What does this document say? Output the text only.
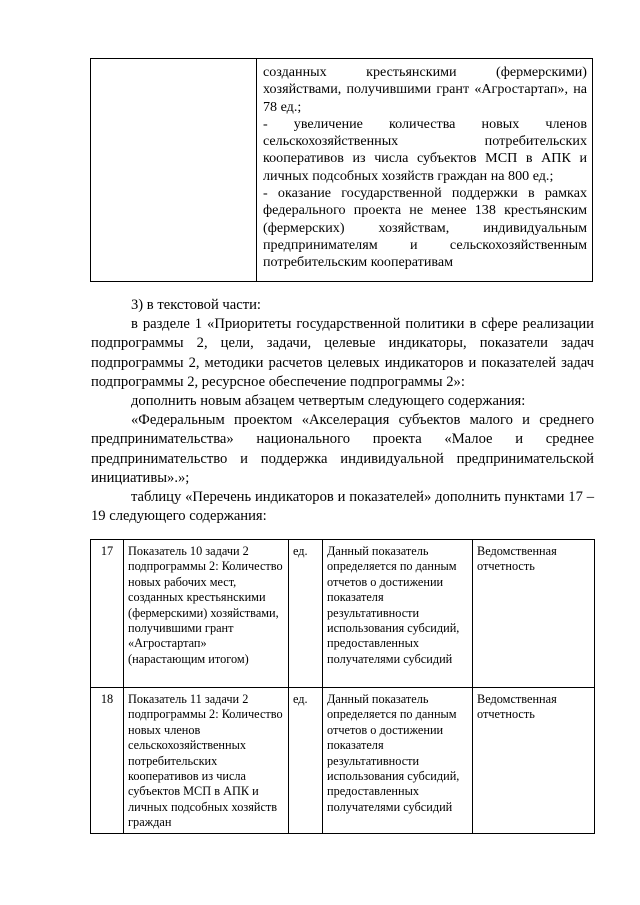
созданных крестьянскими (фермерскими) хозяйствами, получившими грант «Агростартап», на 78 ед.;

- увеличение количества новых членов сельскохозяйственных потребительских кооперативов из числа субъектов МСП в АПК и личных подсобных хозяйств граждан на 800 ед.;

- оказание государственной поддержки в рамках федерального проекта не менее 138 крестьянским (фермерских) хозяйствам, индивидуальным предпринимателям и сельскохозяйственным потребительским кооперативам

3) в текстовой части:

в разделе 1 «Приоритеты государственной политики в сфере реализации подпрограммы 2, цели, задачи, целевые индикаторы, показатели задач подпрограммы 2, методики расчетов целевых индикаторов и показателей задач подпрограммы 2, ресурсное обеспечение подпрограммы 2»:

дополнить новым абзацем четвертым следующего содержания:

«Федеральным проектом «Акселерация субъектов малого и среднего предпринимательства» национального проекта «Малое и среднее предпринимательство и поддержка индивидуальной предпринимательской инициативы».»;

таблицу «Перечень индикаторов и показателей» дополнить пунктами 17 – 19 следующего содержания:

17	Показатель 10 задачи 2 подпрограммы 2: Количество новых рабочих мест, созданных крестьянскими (фермерскими) хозяйствами, получившими грант «Агростартап» (нарастающим итогом)	ед.	Данный показатель определяется по данным отчетов о достижении показателя результативности использования субсидий, предоставленных получателями субсидий	Ведомственная отчетность
18	Показатель 11 задачи 2 подпрограммы 2: Количество новых членов сельскохозяйственных потребительских кооперативов из числа субъектов МСП в АПК и личных подсобных хозяйств граждан	ед.	Данный показатель определяется по данным отчетов о достижении показателя результативности использования субсидий, предоставленных получателями субсидий	Ведомственная отчетность
